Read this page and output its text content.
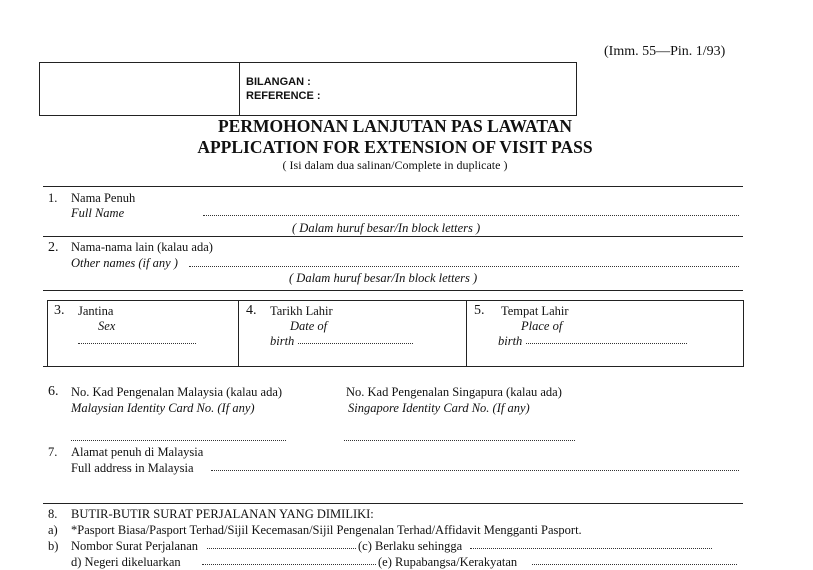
(Imm. 55—Pin. 1/93)
BILANGAN :
REFERENCE :
PERMOHONAN LANJUTAN PAS LAWATAN
APPLICATION FOR EXTENSION OF VISIT PASS
( Isi dalam dua salinan/Complete in duplicate )
1. Nama Penuh
Full Name
( Dalam huruf besar/In block letters )
2. Nama-nama lain (kalau ada)
Other names (if any )
( Dalam huruf besar/In block letters )
3. Jantina
Sex
4. Tarikh Lahir
Date of
birth
5. Tempat Lahir
Place of
birth
6. No. Kad Pengenalan Malaysia (kalau ada)
Malaysian Identity Card No. (If any)
No. Kad Pengenalan Singapura (kalau ada)
Singapore Identity Card No. (If any)
7. Alamat penuh di Malaysia
Full address in Malaysia
8. BUTIR-BUTIR SURAT PERJALANAN YANG DIMILIKI:
a) *Pasport Biasa/Pasport Terhad/Sijil Kecemasan/Sijil Pengenalan Terhad/Affidavit Mengganti Pasport.
b) Nombor Surat Perjalanan	(c) Berlaku sehingga
d) Negeri dikeluarkan	(e) Rupabangsa/Kerakyatan
